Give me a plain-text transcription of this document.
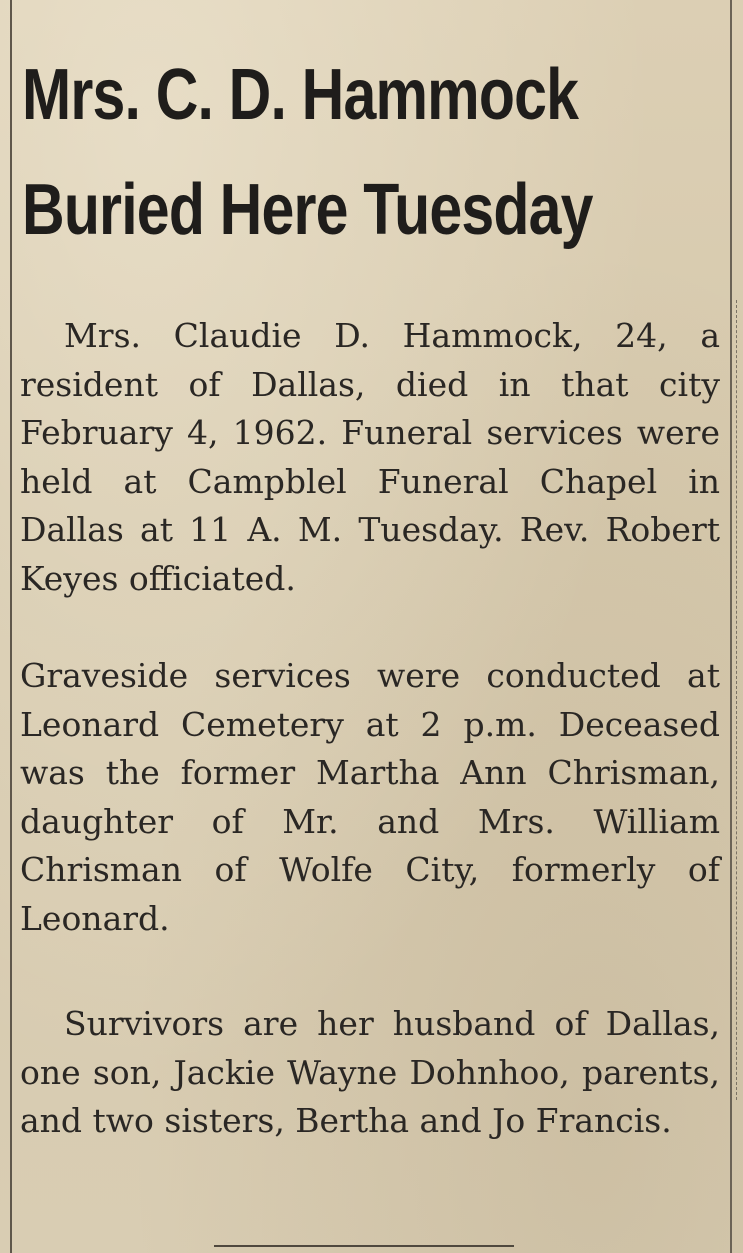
Mrs. C. D. Hammock
Buried Here Tuesday

Mrs. Claudie D. Hammock, 24, a resident of Dallas, died in that city February 4, 1962. Funeral services were held at Campblel Funeral Chapel in Dallas at 11 A. M. Tuesday. Rev. Robert Keyes officiated.

Graveside services were conducted at Leonard Cemetery at 2 p.m. Deceased was the former Martha Ann Chrisman, daughter of Mr. and Mrs. William Chrisman of Wolfe City, formerly of Leonard.

Survivors are her husband of Dallas, one son, Jackie Wayne Dohnhoo, parents, and two sisters, Bertha and Jo Francis.
